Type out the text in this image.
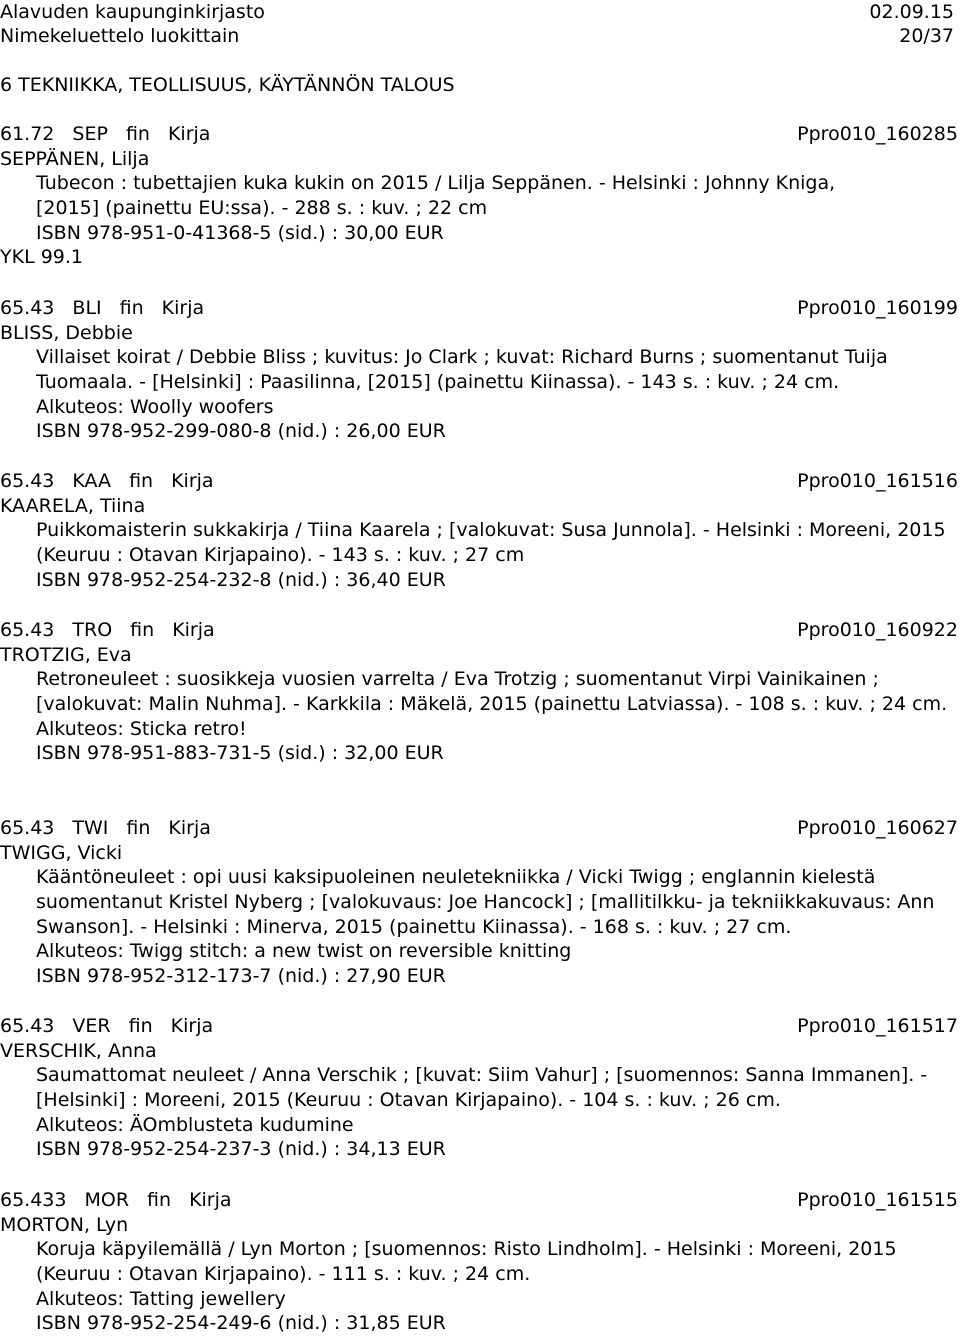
Alavuden kaupunginkirjasto	02.09.15
Nimekeluettelo luokittain	20/37
6 TEKNIIKKA, TEOLLISUUS, KÄYTÄNNÖN TALOUS
61.72 SEP fin Kirja	Ppro010_160285
SEPPÄNEN, Lilja
Tubecon : tubettajien kuka kukin on 2015 / Lilja Seppänen. - Helsinki : Johnny Kniga,
[2015] (painettu EU:ssa). - 288 s. : kuv. ; 22 cm
ISBN 978-951-0-41368-5 (sid.) : 30,00 EUR
YKL 99.1
65.43 BLI fin Kirja	Ppro010_160199
BLISS, Debbie
Villaiset koirat / Debbie Bliss ; kuvitus: Jo Clark ; kuvat: Richard Burns ; suomentanut Tuija Tuomaala. - [Helsinki] : Paasilinna, [2015] (painettu Kiinassa). - 143 s. : kuv. ; 24 cm.
Alkuteos: Woolly woofers
ISBN 978-952-299-080-8 (nid.) : 26,00 EUR
65.43 KAA fin Kirja	Ppro010_161516
KAARELA, Tiina
Puikkomaisterin sukkakirja / Tiina Kaarela ; [valokuvat: Susa Junnola]. - Helsinki : Moreeni, 2015 (Keuruu : Otavan Kirjapaino). - 143 s. : kuv. ; 27 cm
ISBN 978-952-254-232-8 (nid.) : 36,40 EUR
65.43 TRO fin Kirja	Ppro010_160922
TROTZIG, Eva
Retroneuleet : suosikkeja vuosien varrelta / Eva Trotzig ; suomentanut Virpi Vainikainen ; [valokuvat: Malin Nuhma]. - Karkkila : Mäkelä, 2015 (painettu Latviassa). - 108 s. : kuv. ; 24 cm.
Alkuteos: Sticka retro!
ISBN 978-951-883-731-5 (sid.) : 32,00 EUR
65.43 TWI fin Kirja	Ppro010_160627
TWIGG, Vicki
Kääntöneuleet : opi uusi kaksipuoleinen neuletekniikka / Vicki Twigg ; englannin kielestä suomentanut Kristel Nyberg ; [valokuvaus: Joe Hancock] ; [mallitilkku- ja tekniikkakuvaus: Ann Swanson]. - Helsinki : Minerva, 2015 (painettu Kiinassa). - 168 s. : kuv. ; 27 cm.
Alkuteos: Twigg stitch: a new twist on reversible knitting
ISBN 978-952-312-173-7 (nid.) : 27,90 EUR
65.43 VER fin Kirja	Ppro010_161517
VERSCHIK, Anna
Saumattomat neuleet / Anna Verschik ; [kuvat: Siim Vahur] ; [suomennos: Sanna Immanen]. - [Helsinki] : Moreeni, 2015 (Keuruu : Otavan Kirjapaino). - 104 s. : kuv. ; 26 cm.
Alkuteos: ÄOmblusteta kudumine
ISBN 978-952-254-237-3 (nid.) : 34,13 EUR
65.433 MOR fin Kirja	Ppro010_161515
MORTON, Lyn
Koruja käpyilemällä / Lyn Morton ; [suomennos: Risto Lindholm]. - Helsinki : Moreeni, 2015 (Keuruu : Otavan Kirjapaino). - 111 s. : kuv. ; 24 cm.
Alkuteos: Tatting jewellery
ISBN 978-952-254-249-6 (nid.) : 31,85 EUR
